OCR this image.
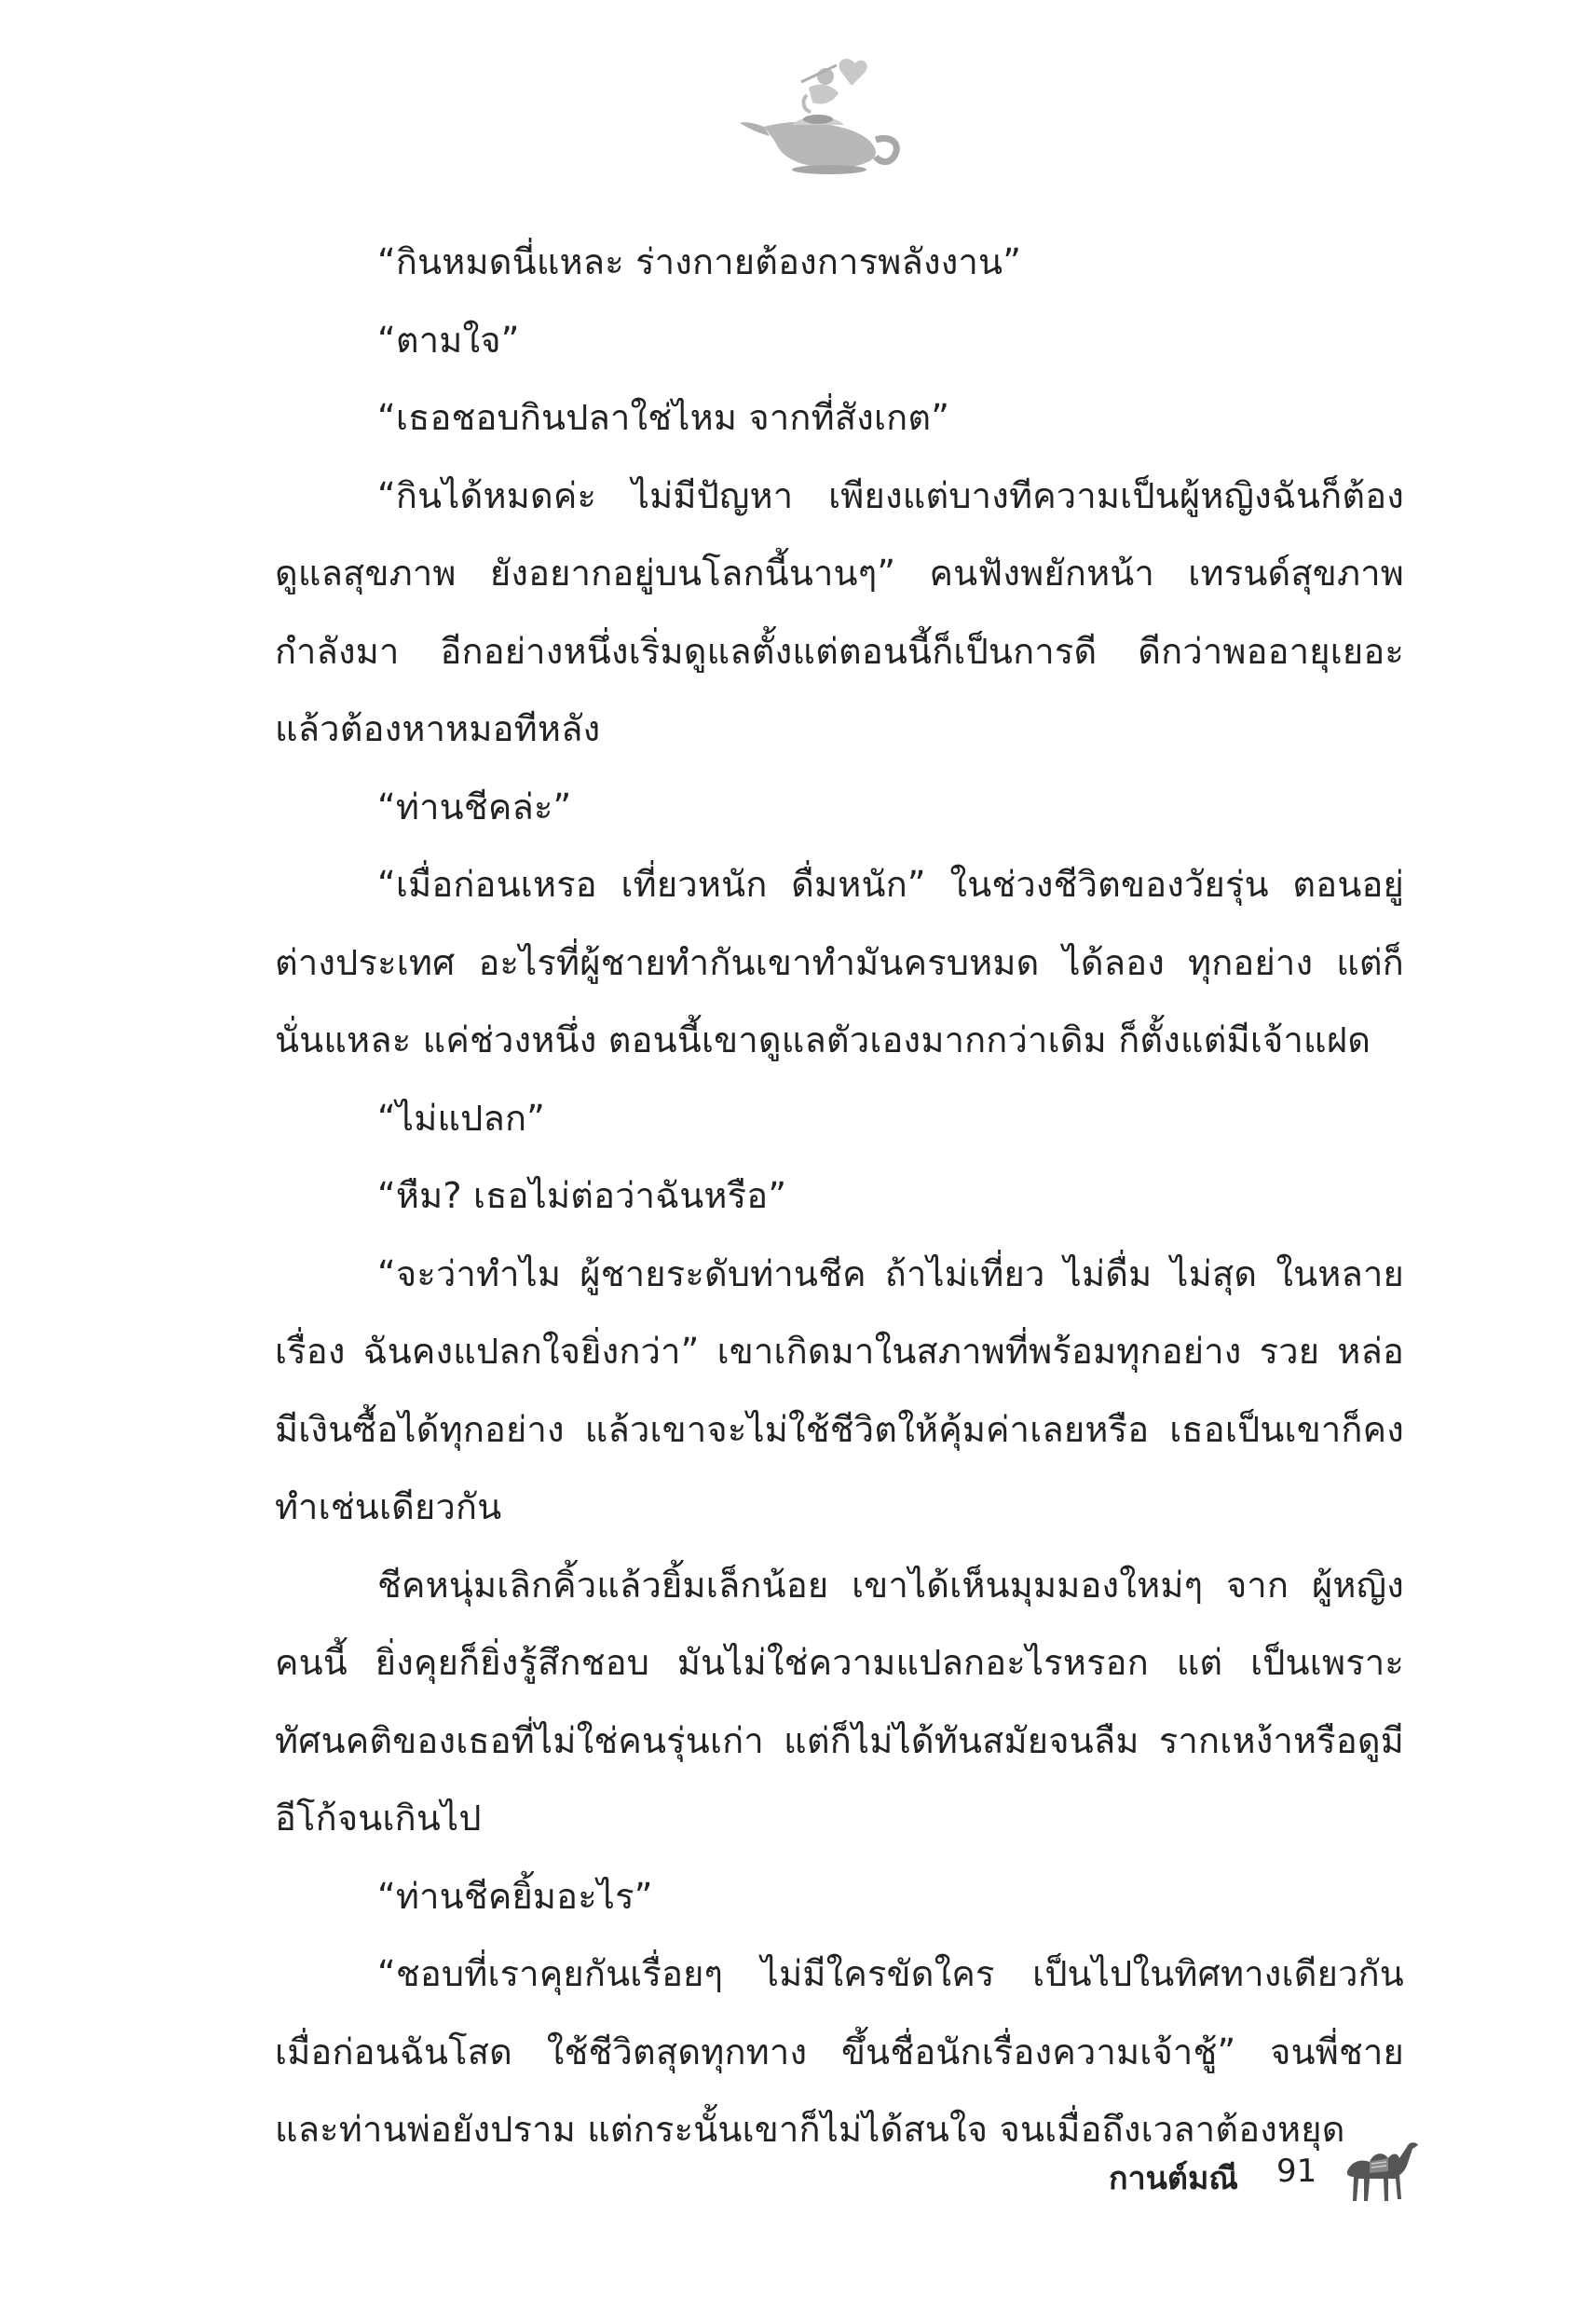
“กินหมดนี่แหละ ร่างกายต้องการพลังงาน”

“ตามใจ”

“เธอชอบกินปลาใช่ไหม จากที่สังเกต”

“กินได้หมดค่ะ ไม่มีปัญหา เพียงแต่บางทีความเป็นผู้หญิงฉันก็ต้องดูแลสุขภาพ ยังอยากอยู่บนโลกนี้นานๆ” คนฟังพยักหน้า เทรนด์สุขภาพกำลังมา อีกอย่างหนึ่งเริ่มดูแลตั้งแต่ตอนนี้ก็เป็นการดี ดีกว่าพออายุเยอะแล้วต้องหาหมอทีหลัง

“ท่านชีคล่ะ”

“เมื่อก่อนเหรอ เที่ยวหนัก ดื่มหนัก” ในช่วงชีวิตของวัยรุ่น ตอนอยู่ต่างประเทศ อะไรที่ผู้ชายทำกันเขาทำมันครบหมด ได้ลอง ทุกอย่าง แต่ก็นั่นแหละ แค่ช่วงหนึ่ง ตอนนี้เขาดูแลตัวเองมากกว่าเดิม ก็ตั้งแต่มีเจ้าแฝด

“ไม่แปลก”

“หืม? เธอไม่ต่อว่าฉันหรือ”

“จะว่าทำไม ผู้ชายระดับท่านชีค ถ้าไม่เที่ยว ไม่ดื่ม ไม่สุด ในหลายเรื่อง ฉันคงแปลกใจยิ่งกว่า” เขาเกิดมาในสภาพที่พร้อมทุกอย่าง รวย หล่อ มีเงินซื้อได้ทุกอย่าง แล้วเขาจะไม่ใช้ชีวิตให้คุ้มค่าเลยหรือ เธอเป็นเขาก็คงทำเช่นเดียวกัน

ชีคหนุ่มเลิกคิ้วแล้วยิ้มเล็กน้อย เขาได้เห็นมุมมองใหม่ๆ จาก ผู้หญิงคนนี้ ยิ่งคุยก็ยิ่งรู้สึกชอบ มันไม่ใช่ความแปลกอะไรหรอก แต่ เป็นเพราะทัศนคติของเธอที่ไม่ใช่คนรุ่นเก่า แต่ก็ไม่ได้ทันสมัยจนลืม รากเหง้าหรือดูมีอีโก้จนเกินไป

“ท่านชีคยิ้มอะไร”

“ชอบที่เราคุยกันเรื่อยๆ ไม่มีใครขัดใคร เป็นไปในทิศทางเดียวกัน เมื่อก่อนฉันโสด ใช้ชีวิตสุดทุกทาง ขึ้นชื่อนักเรื่องความเจ้าชู้” จนพี่ชาย และท่านพ่อยังปราม แต่กระนั้นเขาก็ไม่ได้สนใจ จนเมื่อถึงเวลาต้องหยุด

กานต์มณี 91
